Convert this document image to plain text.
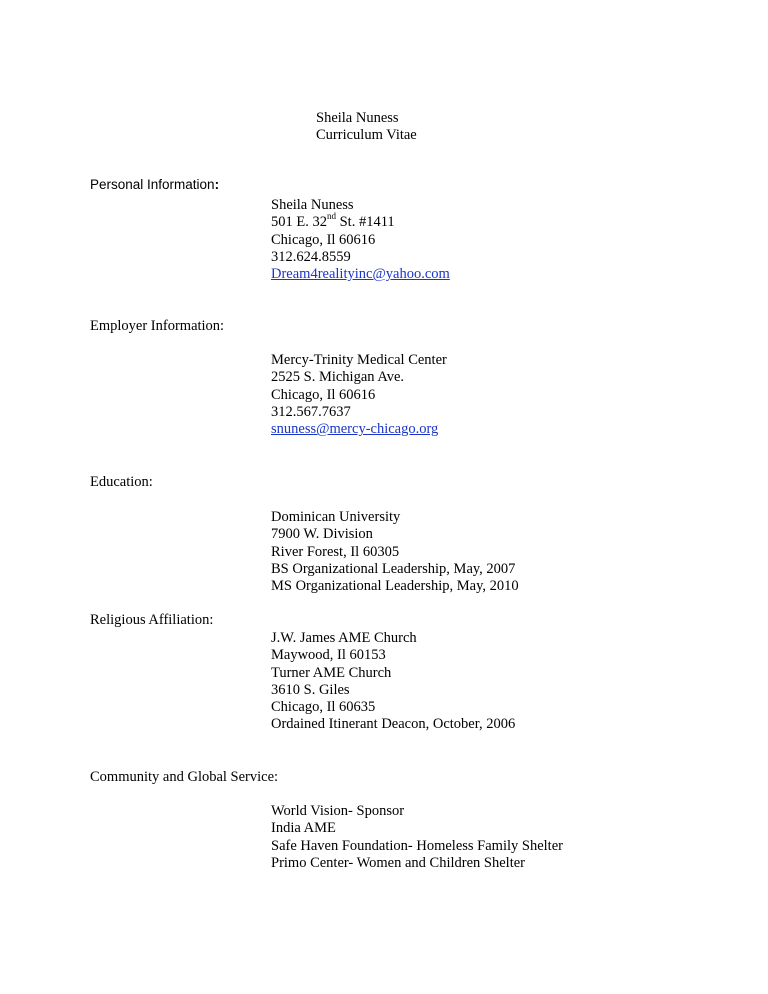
Sheila Nuness
Curriculum Vitae
Personal Information:
Sheila Nuness
501 E. 32nd St. #1411
Chicago, Il 60616
312.624.8559
Dream4realityinc@yahoo.com
Employer Information:
Mercy-Trinity Medical Center
2525 S. Michigan Ave.
Chicago, Il 60616
312.567.7637
snuness@mercy-chicago.org
Education:
Dominican University
7900 W. Division
River Forest, Il 60305
BS Organizational Leadership, May, 2007
MS Organizational Leadership, May, 2010
Religious Affiliation:
J.W. James AME Church
Maywood, Il 60153
Turner AME Church
3610 S. Giles
Chicago, Il 60635
Ordained Itinerant Deacon, October, 2006
Community and Global Service:
World Vision- Sponsor
India AME
Safe Haven Foundation- Homeless Family Shelter
Primo Center- Women and Children Shelter
